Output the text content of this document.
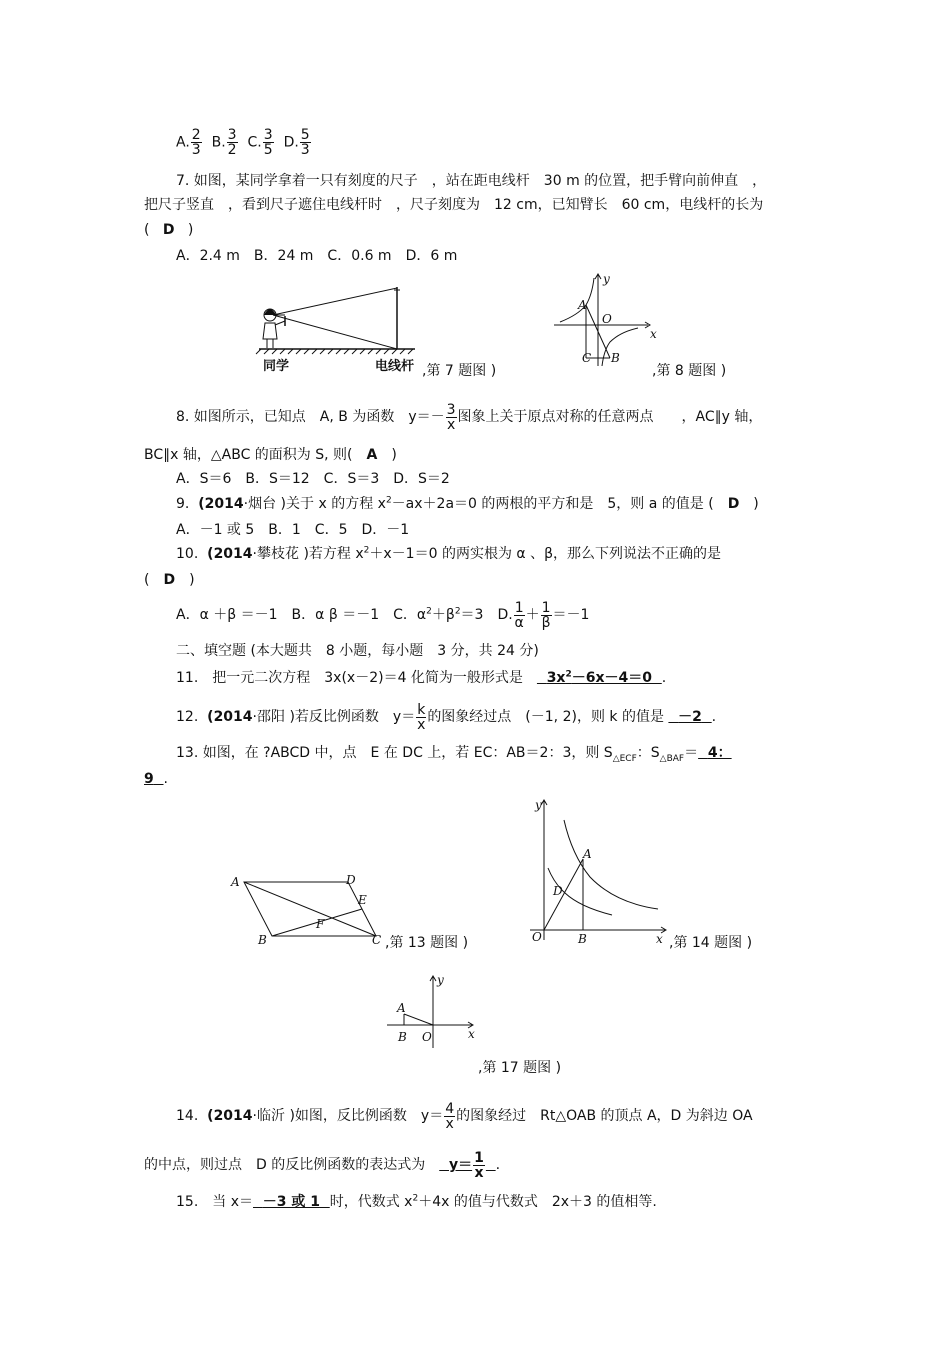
A. $\frac{2}{3} B$. $\frac{3}{2} C$. $\frac{3}{5} D$. $\frac{5}{3}$
7. 如图，某同学拿着一只有刻度的尺子　，站在距电线杆　30 m 的位置，把手臂向前伸直　，
把尺子竖直　，看到尺子遮住电线杆时　，尺子刻度为　12 cm，已知臂长　60 cm，电线杆的长为
( D )
A．2.4 m　B．24 m　C．0.6 m　D．6 m
同学	电线杆 ,第 7 题图 )
A
O
x
y
C B
,第 8 题图 )
8. 如图所示，已知点　A, B 为函数　$y=- \frac{3}{x}$ 图象上关于原点对称的任意两点　　，AC∥y 轴，
BC∥x 轴，△ABC 的面积为 S, 则(　A　)
A．S＝6　B．S＝12　C．S＝3　D．S＝2
9. (2014·烟台 )关于 x 的方程 $x^2-ax+2a=0$ 的两根的平方和是　5，则 a 的值是 (　D　)
A．－1 或 5　B．1　C．5　D．－1
10. (2014·攀枝花 )若方程 $x^2+x-1=0$ 的两实根为 α 、β，那么下列说法不正确的是
(　D　)
A．α ＋β ＝－1　B．α β ＝－1　C．$\alpha^2+\beta^2=3$　D. $\frac{1}{\alpha} + \frac{1}{\beta} =-1$
二、填空题 (本大题共　8 小题，每小题　3 分，共 24 分)
11.　把一元二次方程　3x(x－2)＝4 化简为一般形式是　  $3x^2-6x-4=0$ .
12. (2014·邵阳 )若反比例函数　$y= \frac{k}{x}$ 的图象经过点　(－1, 2)，则 k 的值是   －2 .
13. 如图，在 ?ABCD 中，点　E 在 DC 上，若 EC：AB＝2：3，则 $S_{\triangle ECF}$：$S_{\triangle BAF}= 4$：
9 .
A	D
E
F
B	C ,第 13 题图 )
y
A
D
O	B	x ,第 14 题图 )
A
y
B O	x
,第 17 题图 )
14. (2014·临沂 )如图，反比例函数　$y= \frac{4}{x}$ 的图象经过　Rt△OAB 的顶点 A，D 为斜边 OA
的中点，则过点　D 的反比例函数的表达式为　  $y= \frac{1}{x}$ .
15.　当 x＝ －3 或 1 时，代数式 $x^2+4x$ 的值与代数式　2x＋3 的值相等.
